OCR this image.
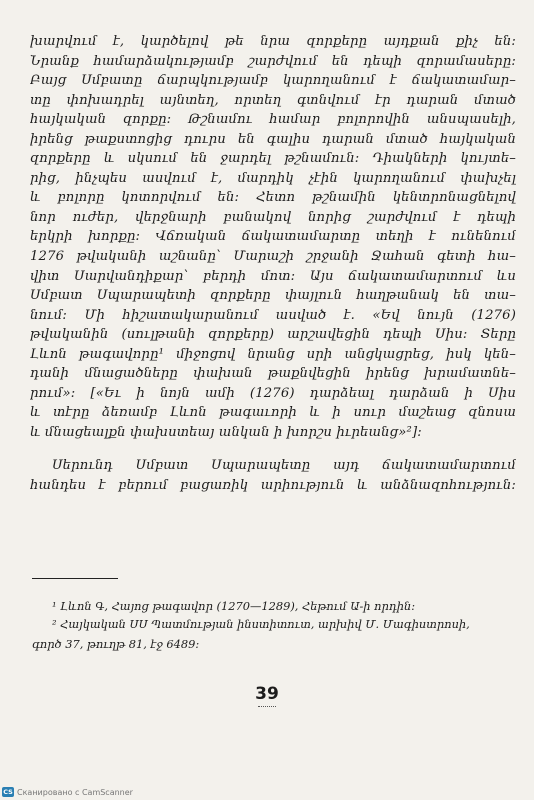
խարվում է, կարծելով թե նրա զորքերը այդքան քիչ են։
Նրանք համարձակությամբ շարժվում են դեպի զորամասերը։
Բայց Սմբատը ճարպկությամբ կարողանում է ճակատամար–
տը փոխադրել այնտեղ, որտեղ գտնվում էր դարան մտած
հայկական զորքը։ Թշնամու համար բոլորովին անսպասելի,
իրենց թաքստոցից դուրս են գալիս դարան մտած հայկական
զորքերը և սկսում են ջարդել թշնամուն։ Դիակների կույտե–
րից, ինչպես ասվում է, մարդիկ չէին կարողանում փախչել
և բոլորը կոտորվում են։ Հետո թշնամին կենտրոնացնելով
նոր ուժեր, վերջնարի բանակով նորից շարժվում է դեպի
երկրի խորքը։ Վճռական ճակատամարտը տեղի է ունենում
1276 թվականի աշնանը՝ Մարաշի շրջանի Ջահան գետի հա–
վիտ Սարվանդիքար՝ բերդի մոտ։ Այս ճակատամարտում ևս
Սմբատ Սպարապետի զորքերը փայլուն հաղթանակ են տա–
նում։ Մի հիշատակարանում ասված է. «Եվ նույն (1276)
թվականին (սուլթանի զորքերը) արշավեցին դեպի Սիս։ Տերը
Լևոն թագավորը¹ միջոցով նրանց սրի անցկացրեց, իսկ կեն–
դանի մնացածները փախան թաքնվեցին իրենց խրամատնե–
րում»։ [«Եւ ի նոյն ամի (1276) դարձեալ դարձան ի Սիս
և տէրը ձեռամբ Լևոն թագաւորի և ի սուր մաշեաց զնոսա
և մնացեալքն փախստեայ անկան ի խորշս իւրեանց»²]։

Սերունդ Սմբատ Սպարապետը այդ ճակատամարտում
հանդես է բերում բացառիկ արիություն և անձնազոհություն։

¹ Լևոն Գ, Հայոց թագավոր (1270—1289), Հեթում Ա-ի որդին։
² Հայկական ՍՍ Պատմության ինստիտուտ, արխիվ Մ. Մագիստրոսի,
գործ 37, թուղթ 81, էջ 6489։
39
CS Сканировано с CamScanner
